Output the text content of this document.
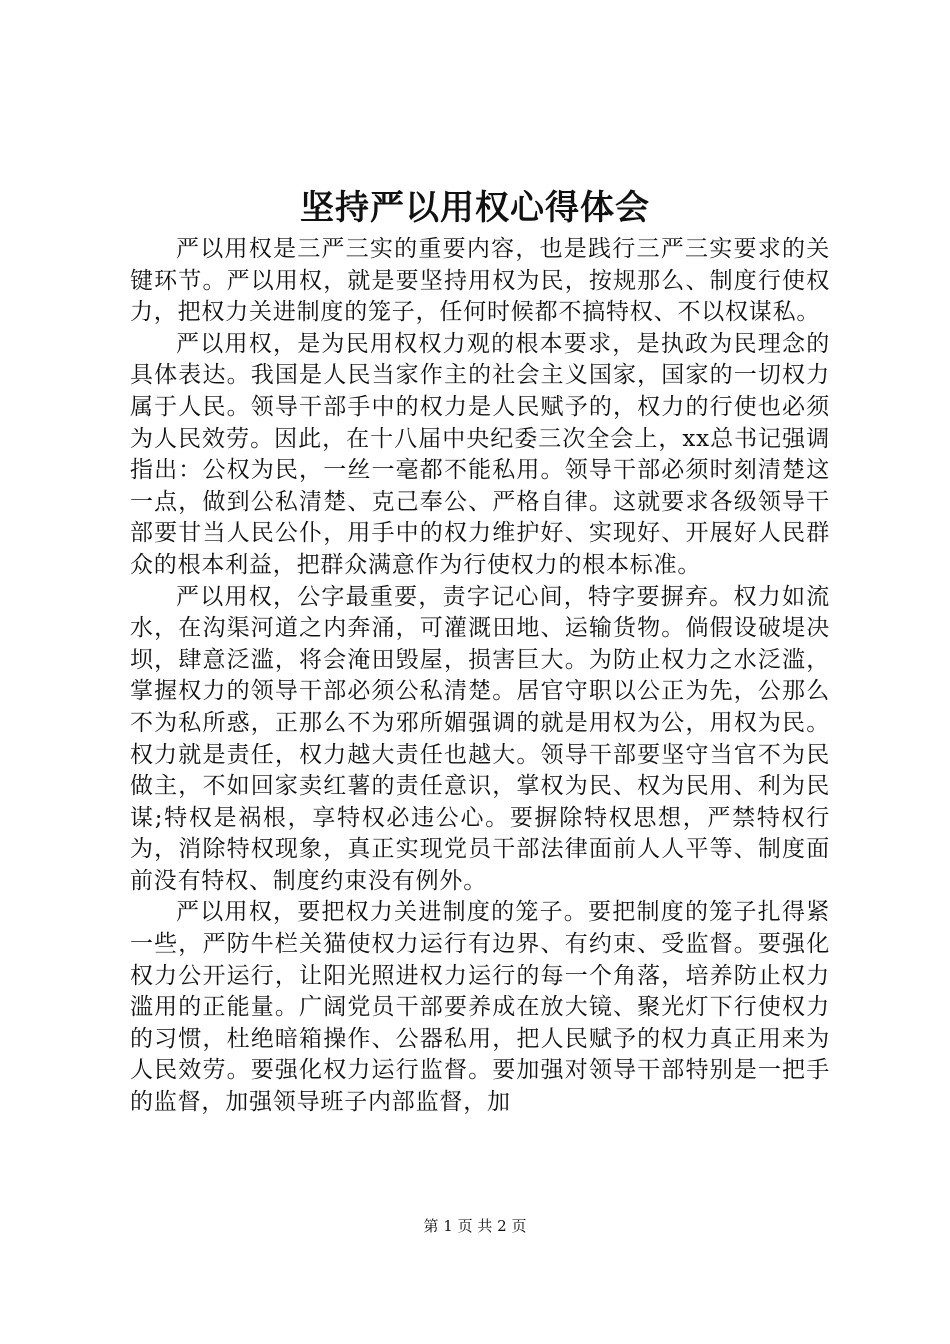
坚持严以用权心得体会

严以用权是三严三实的重要内容，也是践行三严三实要求的关键环节。严以用权，就是要坚持用权为民，按规那么、制度行使权力，把权力关进制度的笼子，任何时候都不搞特权、不以权谋私。

严以用权，是为民用权权力观的根本要求，是执政为民理念的具体表达。我国是人民当家作主的社会主义国家，国家的一切权力属于人民。领导干部手中的权力是人民赋予的，权力的行使也必须为人民效劳。因此，在十八届中央纪委三次全会上，xx总书记强调指出：公权为民，一丝一毫都不能私用。领导干部必须时刻清楚这一点，做到公私清楚、克己奉公、严格自律。这就要求各级领导干部要甘当人民公仆，用手中的权力维护好、实现好、开展好人民群众的根本利益，把群众满意作为行使权力的根本标准。

严以用权，公字最重要，责字记心间，特字要摒弃。权力如流水，在沟渠河道之内奔涌，可灌溉田地、运输货物。倘假设破堤决坝，肆意泛滥，将会淹田毁屋，损害巨大。为防止权力之水泛滥，掌握权力的领导干部必须公私清楚。居官守职以公正为先，公那么不为私所惑，正那么不为邪所媚强调的就是用权为公，用权为民。权力就是责任，权力越大责任也越大。领导干部要坚守当官不为民做主，不如回家卖红薯的责任意识，掌权为民、权为民用、利为民谋;特权是祸根，享特权必违公心。要摒除特权思想，严禁特权行为，消除特权现象，真正实现党员干部法律面前人人平等、制度面前没有特权、制度约束没有例外。

严以用权，要把权力关进制度的笼子。要把制度的笼子扎得紧一些，严防牛栏关猫使权力运行有边界、有约束、受监督。要强化权力公开运行，让阳光照进权力运行的每一个角落，培养防止权力滥用的正能量。广阔党员干部要养成在放大镜、聚光灯下行使权力的习惯，杜绝暗箱操作、公器私用，把人民赋予的权力真正用来为人民效劳。要强化权力运行监督。要加强对领导干部特别是一把手的监督，加强领导班子内部监督，加

第 1 页 共 2 页
